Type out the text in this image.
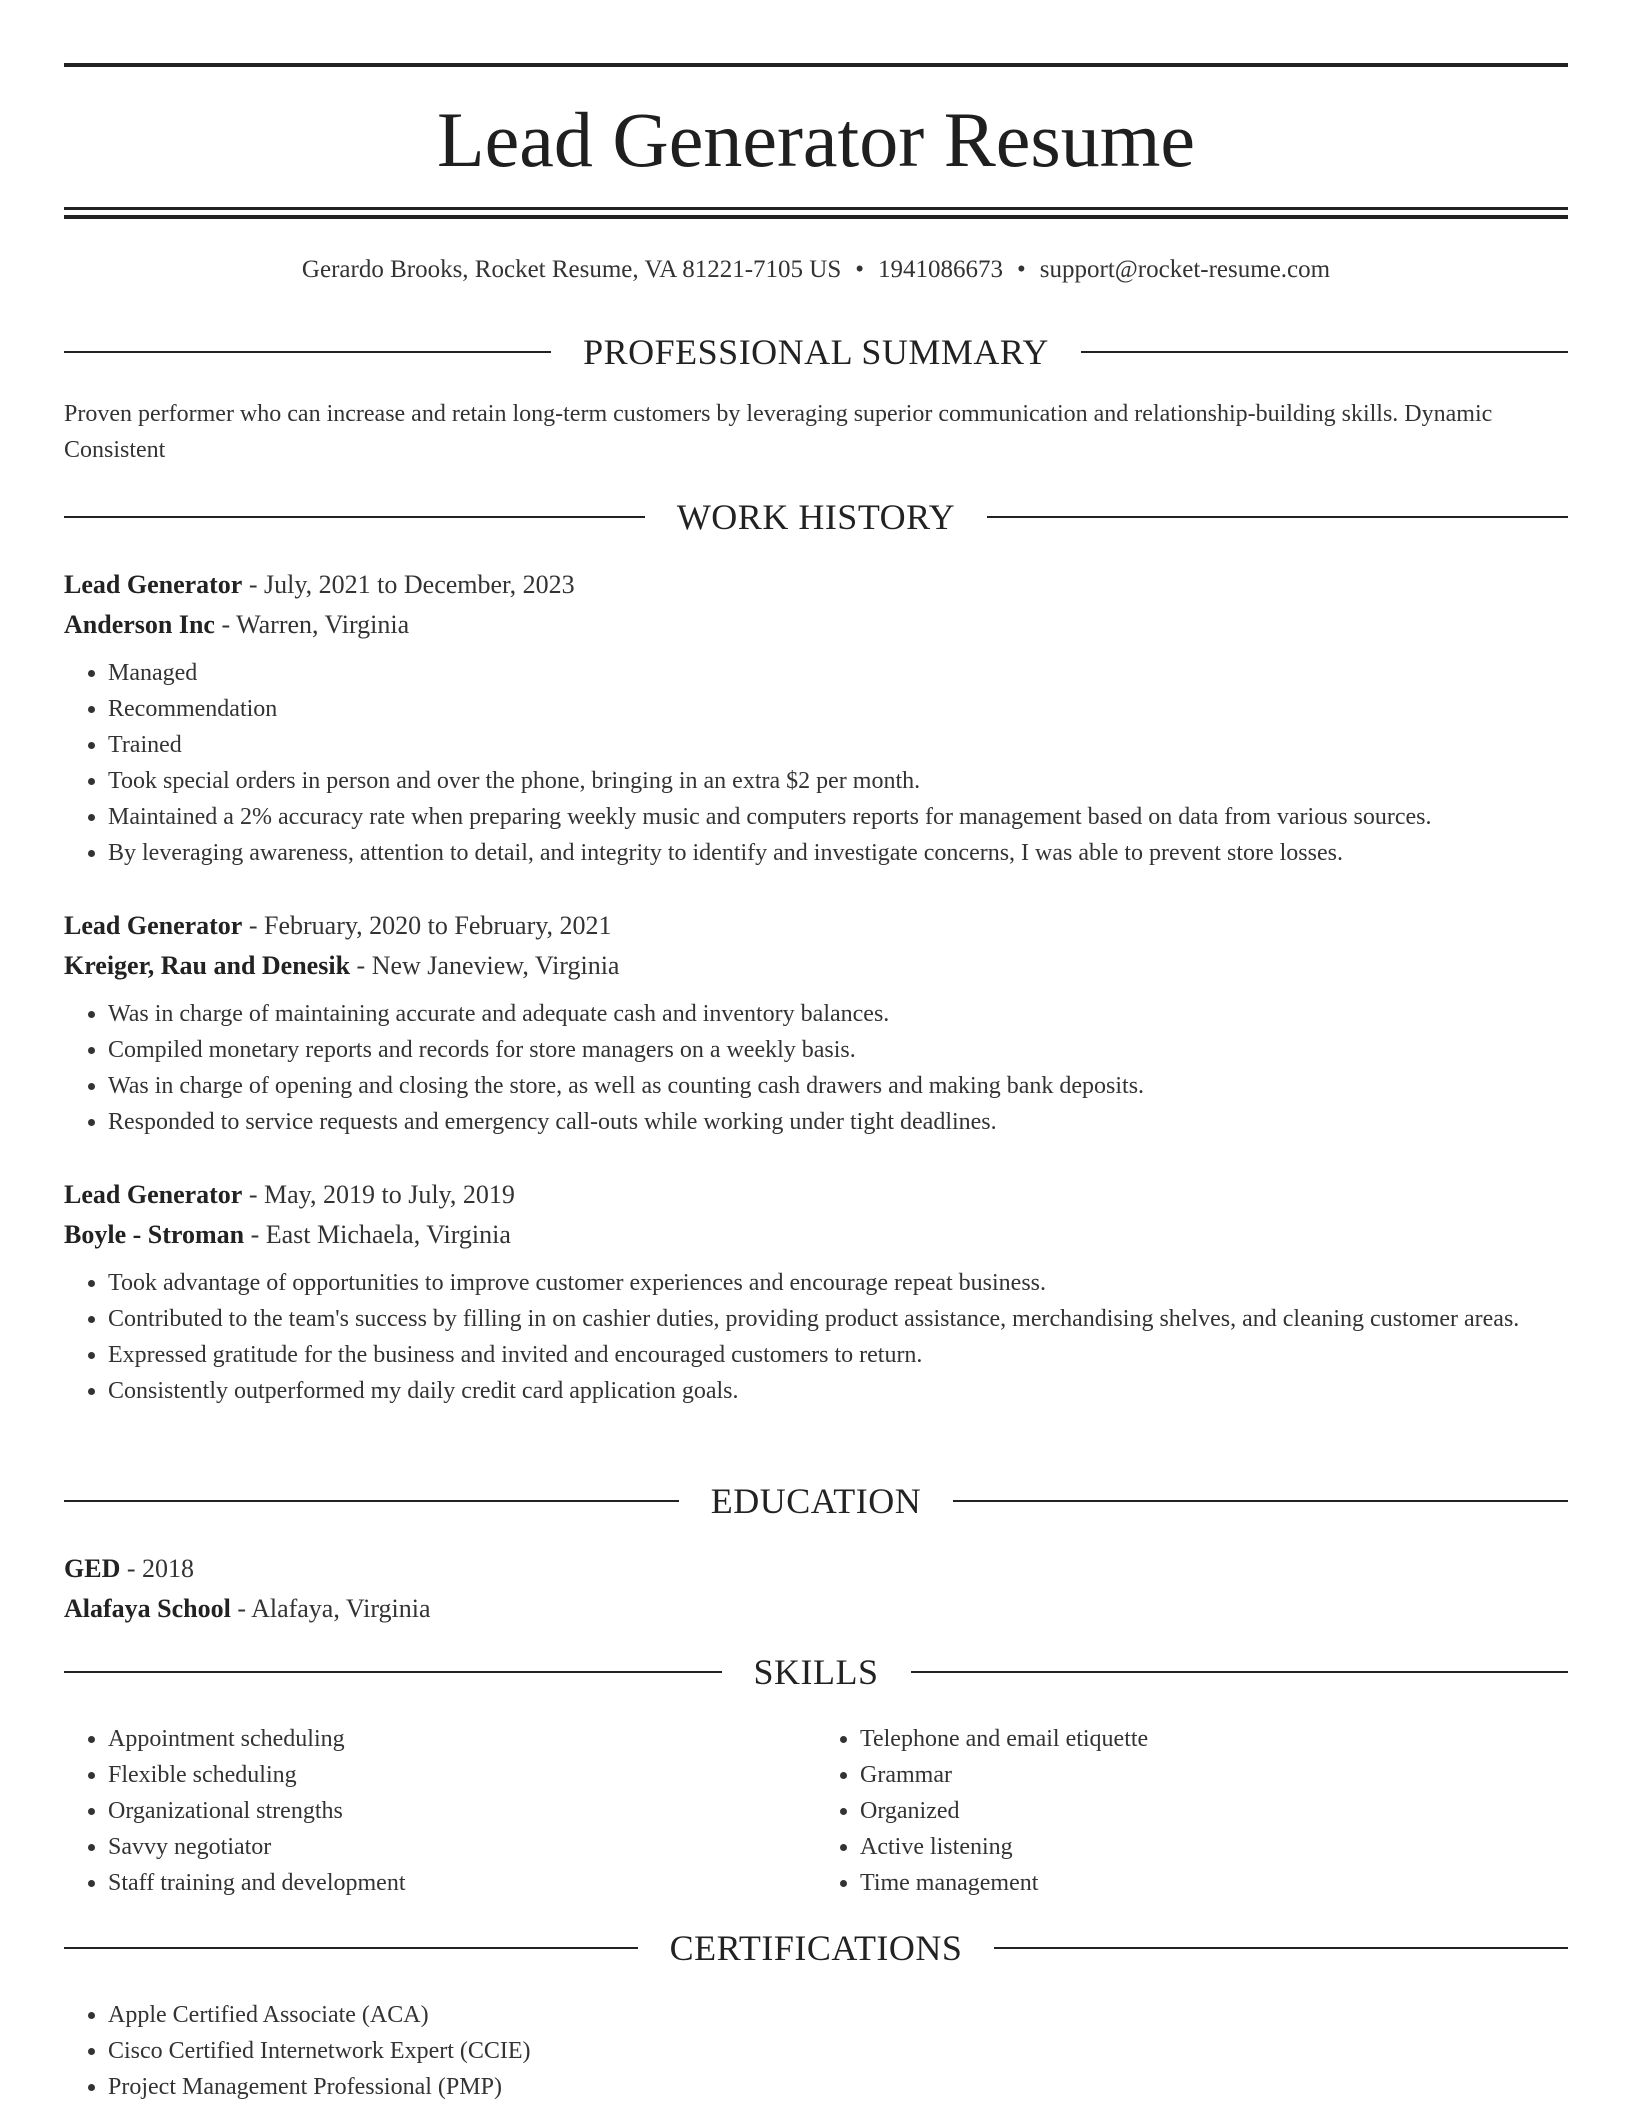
Lead Generator Resume
Gerardo Brooks, Rocket Resume, VA 81221-7105 US • 1941086673 • support@rocket-resume.com
PROFESSIONAL SUMMARY

Proven performer who can increase and retain long-term customers by leveraging superior communication and relationship-building skills. Dynamic Consistent

WORK HISTORY

Lead Generator - July, 2021 to December, 2023

Anderson Inc - Warren, Virginia

• Managed
• Recommendation
• Trained
• Took special orders in person and over the phone, bringing in an extra $2 per month.
• Maintained a 2% accuracy rate when preparing weekly music and computers reports for management based on data from various sources.
• By leveraging awareness, attention to detail, and integrity to identify and investigate concerns, I was able to prevent store losses.

Lead Generator - February, 2020 to February, 2021

Kreiger, Rau and Denesik - New Janeview, Virginia

• Was in charge of maintaining accurate and adequate cash and inventory balances.
• Compiled monetary reports and records for store managers on a weekly basis.
• Was in charge of opening and closing the store, as well as counting cash drawers and making bank deposits.
• Responded to service requests and emergency call-outs while working under tight deadlines.

Lead Generator - May, 2019 to July, 2019

Boyle - Stroman - East Michaela, Virginia

• Took advantage of opportunities to improve customer experiences and encourage repeat business.
• Contributed to the team's success by filling in on cashier duties, providing product assistance, merchandising shelves, and cleaning customer areas.
• Expressed gratitude for the business and invited and encouraged customers to return.
• Consistently outperformed my daily credit card application goals.
EDUCATION

GED - 2018

Alafaya School - Alafaya, Virginia

SKILLS
• Appointment scheduling
• Flexible scheduling
• Organizational strengths
• Savvy negotiator
• Staff training and development
• Telephone and email etiquette
• Grammar
• Organized
• Active listening
• Time management
CERTIFICATIONS
• Apple Certified Associate (ACA)
• Cisco Certified Internetwork Expert (CCIE)
• Project Management Professional (PMP)
